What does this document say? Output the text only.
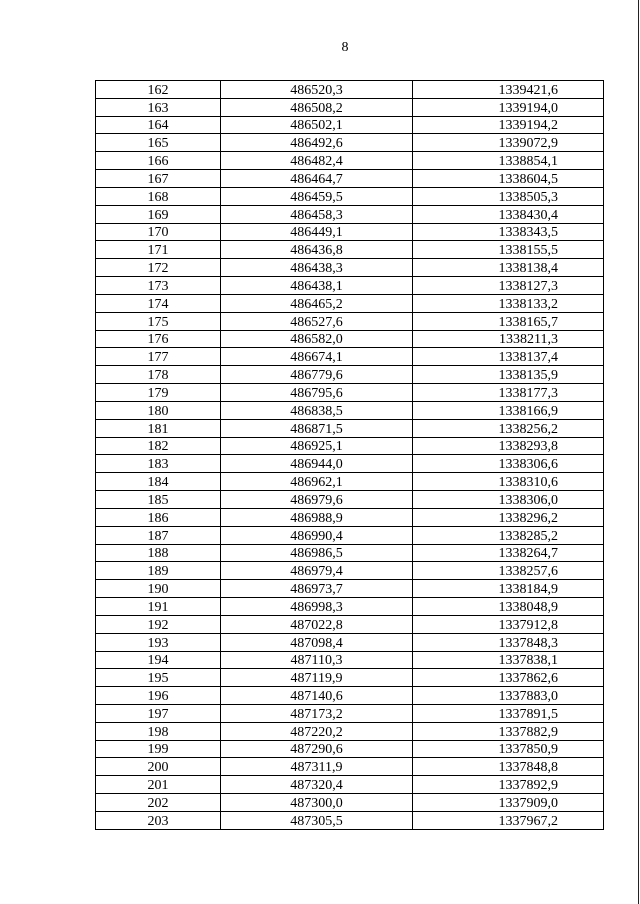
8
162	486520,3	1339421,6
163	486508,2	1339194,0
164	486502,1	1339194,2
165	486492,6	1339072,9
166	486482,4	1338854,1
167	486464,7	1338604,5
168	486459,5	1338505,3
169	486458,3	1338430,4
170	486449,1	1338343,5
171	486436,8	1338155,5
172	486438,3	1338138,4
173	486438,1	1338127,3
174	486465,2	1338133,2
175	486527,6	1338165,7
176	486582,0	1338211,3
177	486674,1	1338137,4
178	486779,6	1338135,9
179	486795,6	1338177,3
180	486838,5	1338166,9
181	486871,5	1338256,2
182	486925,1	1338293,8
183	486944,0	1338306,6
184	486962,1	1338310,6
185	486979,6	1338306,0
186	486988,9	1338296,2
187	486990,4	1338285,2
188	486986,5	1338264,7
189	486979,4	1338257,6
190	486973,7	1338184,9
191	486998,3	1338048,9
192	487022,8	1337912,8
193	487098,4	1337848,3
194	487110,3	1337838,1
195	487119,9	1337862,6
196	487140,6	1337883,0
197	487173,2	1337891,5
198	487220,2	1337882,9
199	487290,6	1337850,9
200	487311,9	1337848,8
201	487320,4	1337892,9
202	487300,0	1337909,0
203	487305,5	1337967,2
